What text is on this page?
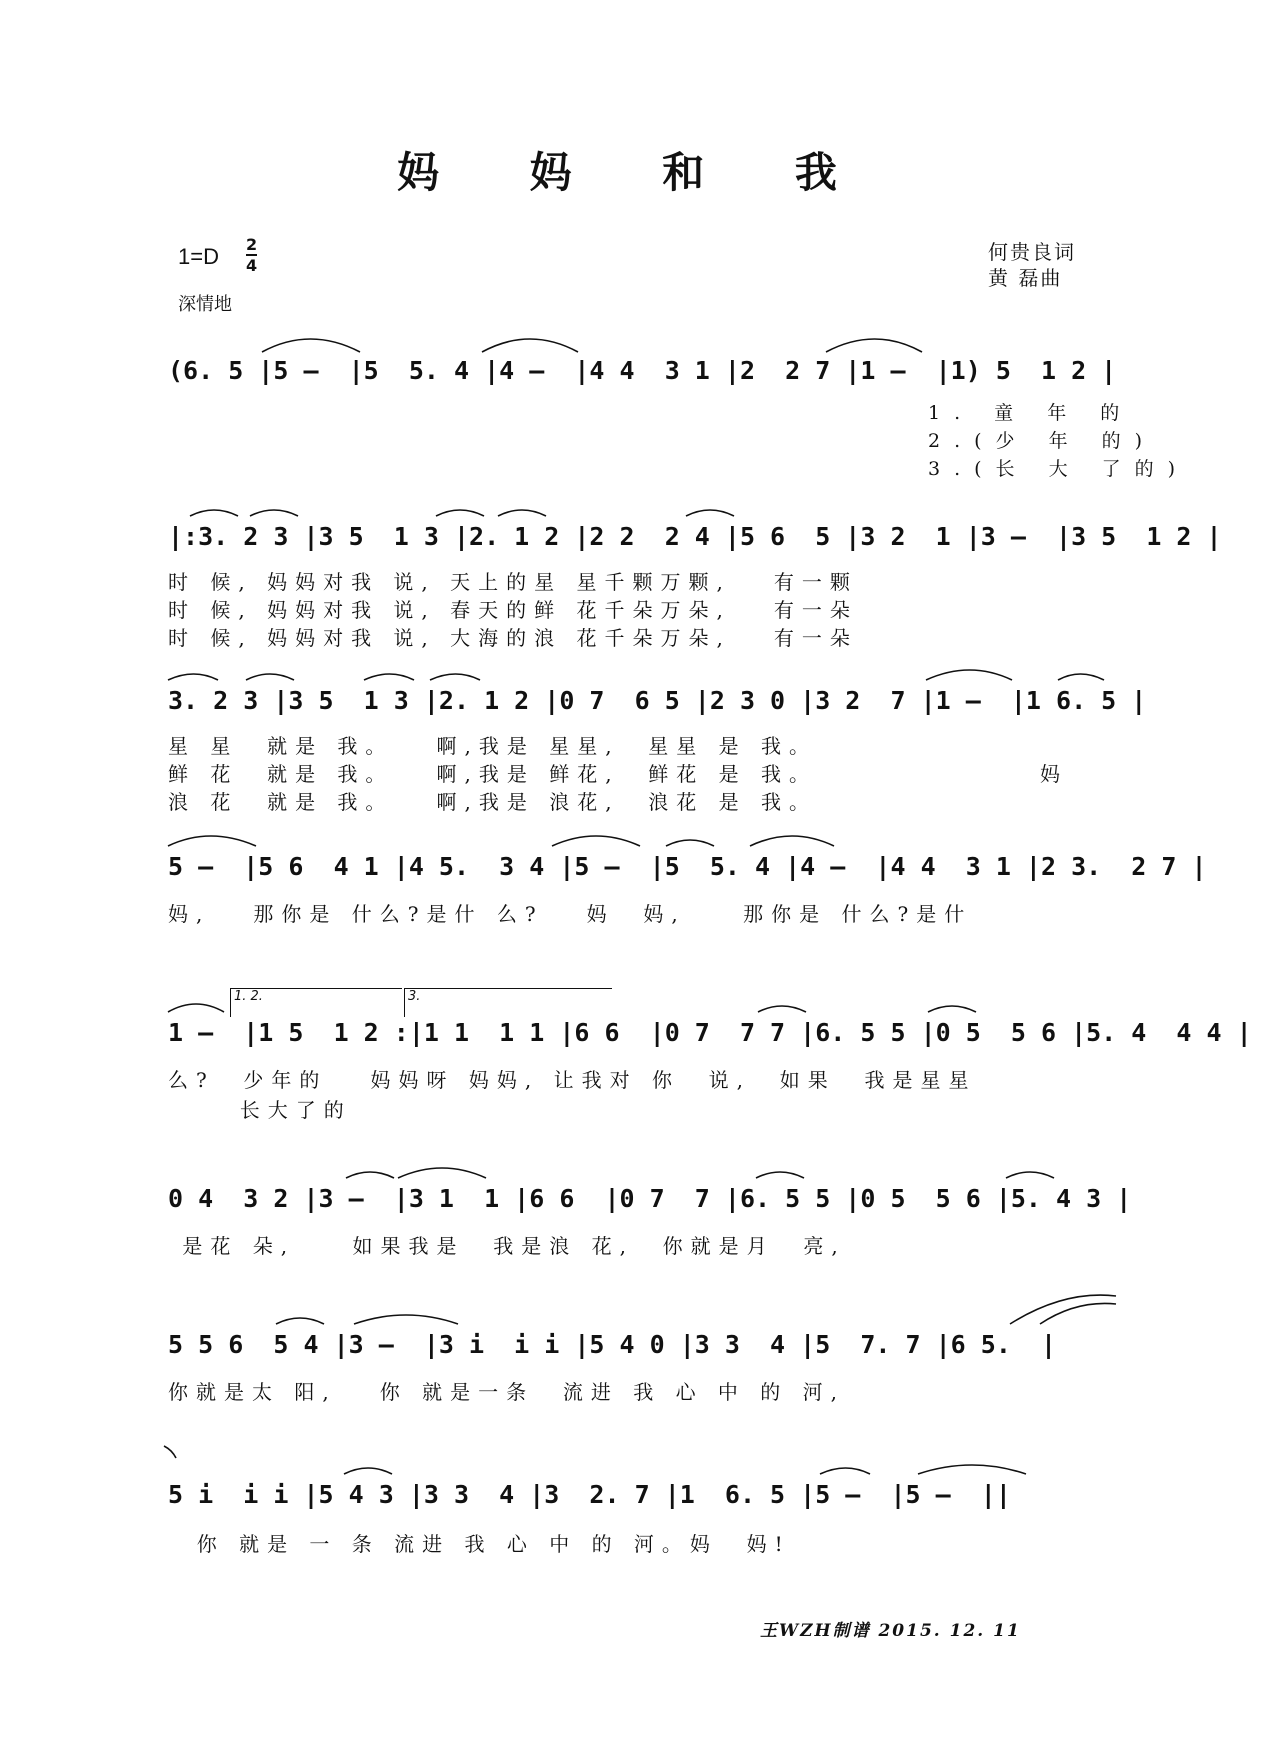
妈 妈 和 我
1=D 2
4
深情地
何贵良词
黄 磊曲
(6. 5 |5 –  |5  5. 4 |4 –  |4 4  3 1 |2  2 7 |1 –  |1) 5  1 2 |
1. 童 年 的
2.(少 年 的)
3.(长 大 了的)
|:3. 2 3 |3 5  1 3 |2. 1 2 |2 2  2 4 |5 6  5 |3 2  1 |3 –  |3 5  1 2 |
时 候, 妈妈对我 说, 天上的星 星千颗万颗,   有一颗
时 候, 妈妈对我 说, 春天的鲜 花千朵万朵,   有一朵
时 候, 妈妈对我 说, 大海的浪 花千朵万朵,   有一朵
3. 2 3 |3 5  1 3 |2. 1 2 |0 7  6 5 |2 3 0 |3 2  7 |1 –  |1 6. 5 |
星 星  就是 我。   啊,我是 星星,  星星 是 我。
鲜 花  就是 我。   啊,我是 鲜花,  鲜花 是 我。
浪 花  就是 我。   啊,我是 浪花,  浪花 是 我。
妈
5 –  |5 6  4 1 |4 5.  3 4 |5 –  |5  5. 4 |4 –  |4 4  3 1 |2 3.  2 7 |
妈,   那你是 什么?是什 么?   妈  妈,    那你是 什么?是什
1. 2.	3.
1 –  |1 5  1 2 :|1 1  1 1 |6 6  |0 7  7 7 |6. 5 5 |0 5  5 6 |5. 4  4 4 |
么?  少年的   妈妈呀 妈妈, 让我对 你  说,  如果  我是星星
长大了的
0 4  3 2 |3 –  |3 1  1 |6 6  |0 7  7 |6. 5 5 |0 5  5 6 |5. 4 3 |
是花 朵,    如果我是  我是浪 花,  你就是月  亮,
5 5 6  5 4 |3 –  |3 i  i i |5 4 0 |3 3  4 |5  7. 7 |6 5.  |
你就是太 阳,   你 就是一条  流进 我 心 中 的 河,
5 i  i i |5 4 3 |3 3  4 |3  2. 7 |1  6. 5 |5 –  |5 –  ||
你 就是 一 条 流进 我 心 中 的 河。妈  妈!
王WZH制谱 2015. 12. 11
